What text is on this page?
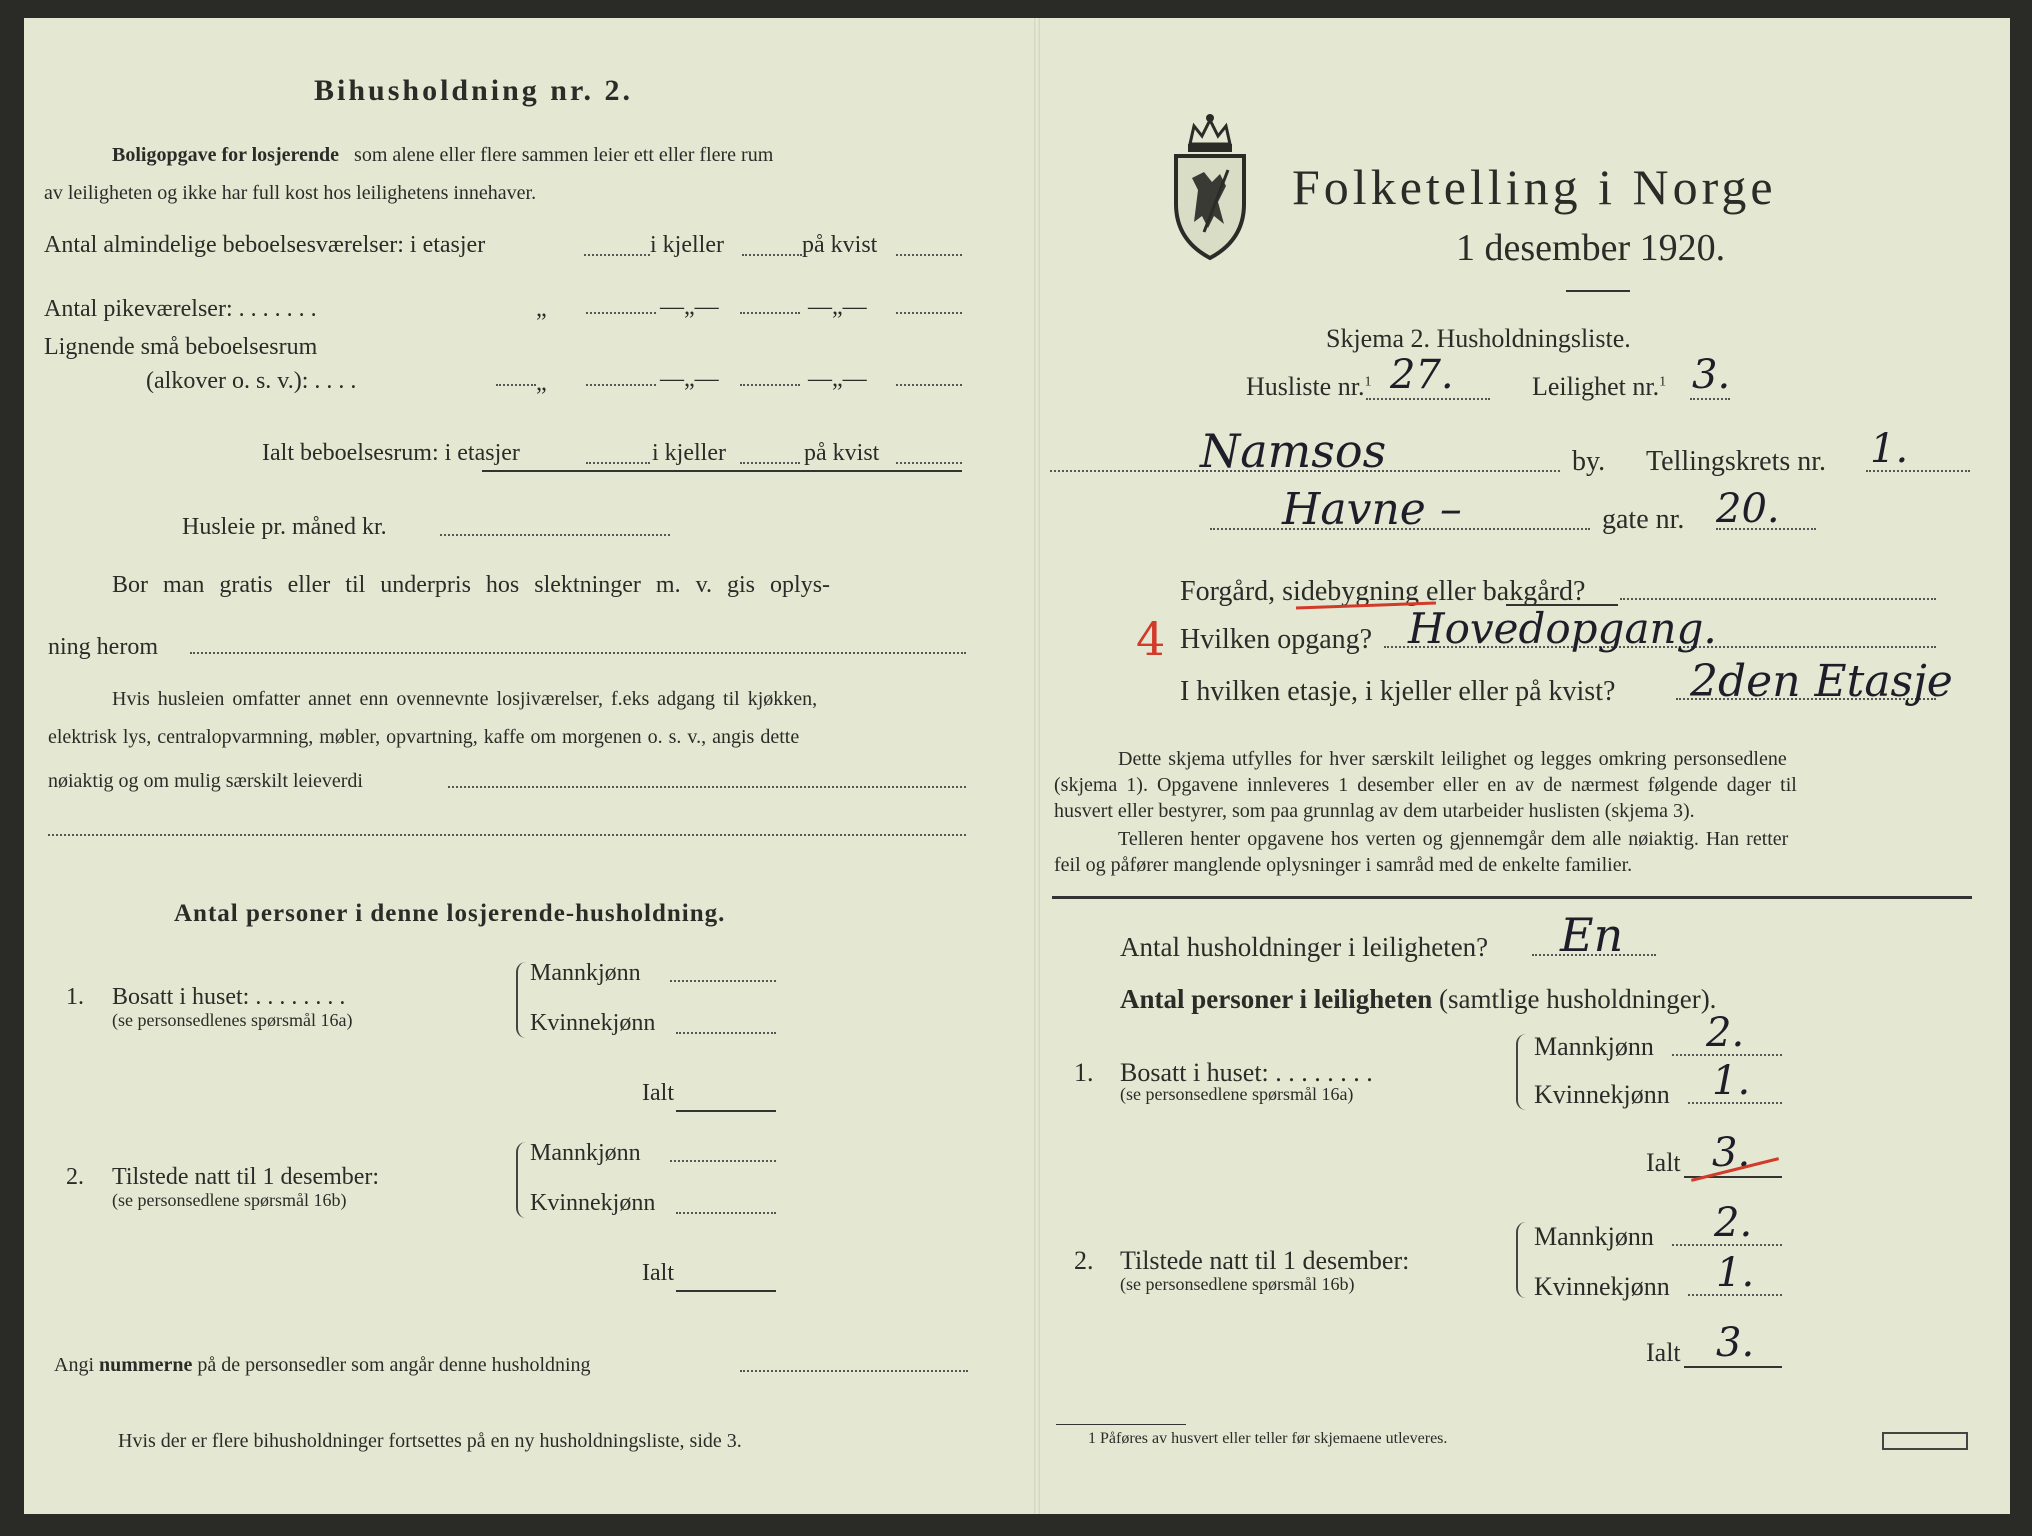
Bihusholdning nr. 2.
Boligopgave for losjerende som alene eller flere sammen leier ett eller flere rum
av leiligheten og ikke har full kost hos leilighetens innehaver.
Antal almindelige beboelsesværelser: i etasjer	i kjeller	på kvist
Antal pikeværelser: . . . . . . .	„	—„—	—„—
Lignende små beboelsesrum
(alkover o. s. v.): . . . .	„	—„—	—„—
Ialt beboelsesrum: i etasjer	i kjeller	på kvist
Husleie pr. måned kr.
Bor man gratis eller til underpris hos slektninger m. v. gis oplys-
ning herom
Hvis husleien omfatter annet enn ovennevnte losjiværelser, f.eks adgang til kjøkken,
elektrisk lys, centralopvarmning, møbler, opvartning, kaffe om morgenen o. s. v., angis dette
nøiaktig og om mulig særskilt leieverdi
Antal personer i denne losjerende-husholdning.
1. Bosatt i huset: . . . . . . . .
(se personsedlenes spørsmål 16a)
Mannkjønn
Kvinnekjønn
Ialt
2. Tilstede natt til 1 desember:
(se personsedlene spørsmål 16b)
Mannkjønn
Kvinnekjønn
Ialt
Angi nummerne på de personsedler som angår denne husholdning
Hvis der er flere bihusholdninger fortsettes på en ny husholdningsliste, side 3.
Folketelling i Norge
1 desember 1920.
Skjema 2. Husholdningsliste.
Husliste nr.$^1$ 27.	Leilighet nr.$^1$ 3.
Namsos	by. Tellingskrets nr. 1.
Havne –	gate nr. 20.
Forgård, sidebygning eller bakgård?
4 Hvilken opgang? Hovedopgang.
I hvilken etasje, i kjeller eller på kvist? 2den Etasje
Dette skjema utfylles for hver særskilt leilighet og legges omkring personsedlene
(skjema 1). Opgavene innleveres 1 desember eller en av de nærmest følgende dager til
husvert eller bestyrer, som paa grunnlag av dem utarbeider huslisten (skjema 3).
Telleren henter opgavene hos verten og gjennemgår dem alle nøiaktig. Han retter
feil og påfører manglende oplysninger i samråd med de enkelte familier.
Antal husholdninger i leiligheten? En
Antal personer i leiligheten (samtlige husholdninger).
1. Bosatt i huset: . . . . . . . .
(se personsedlene spørsmål 16a)
Mannkjønn 2.
Kvinnekjønn 1.
Ialt 3.
2. Tilstede natt til 1 desember:
(se personsedlene spørsmål 16b)
Mannkjønn 2.
Kvinnekjønn 1.
Ialt 3.
1 Påføres av husvert eller teller før skjemaene utleveres.
